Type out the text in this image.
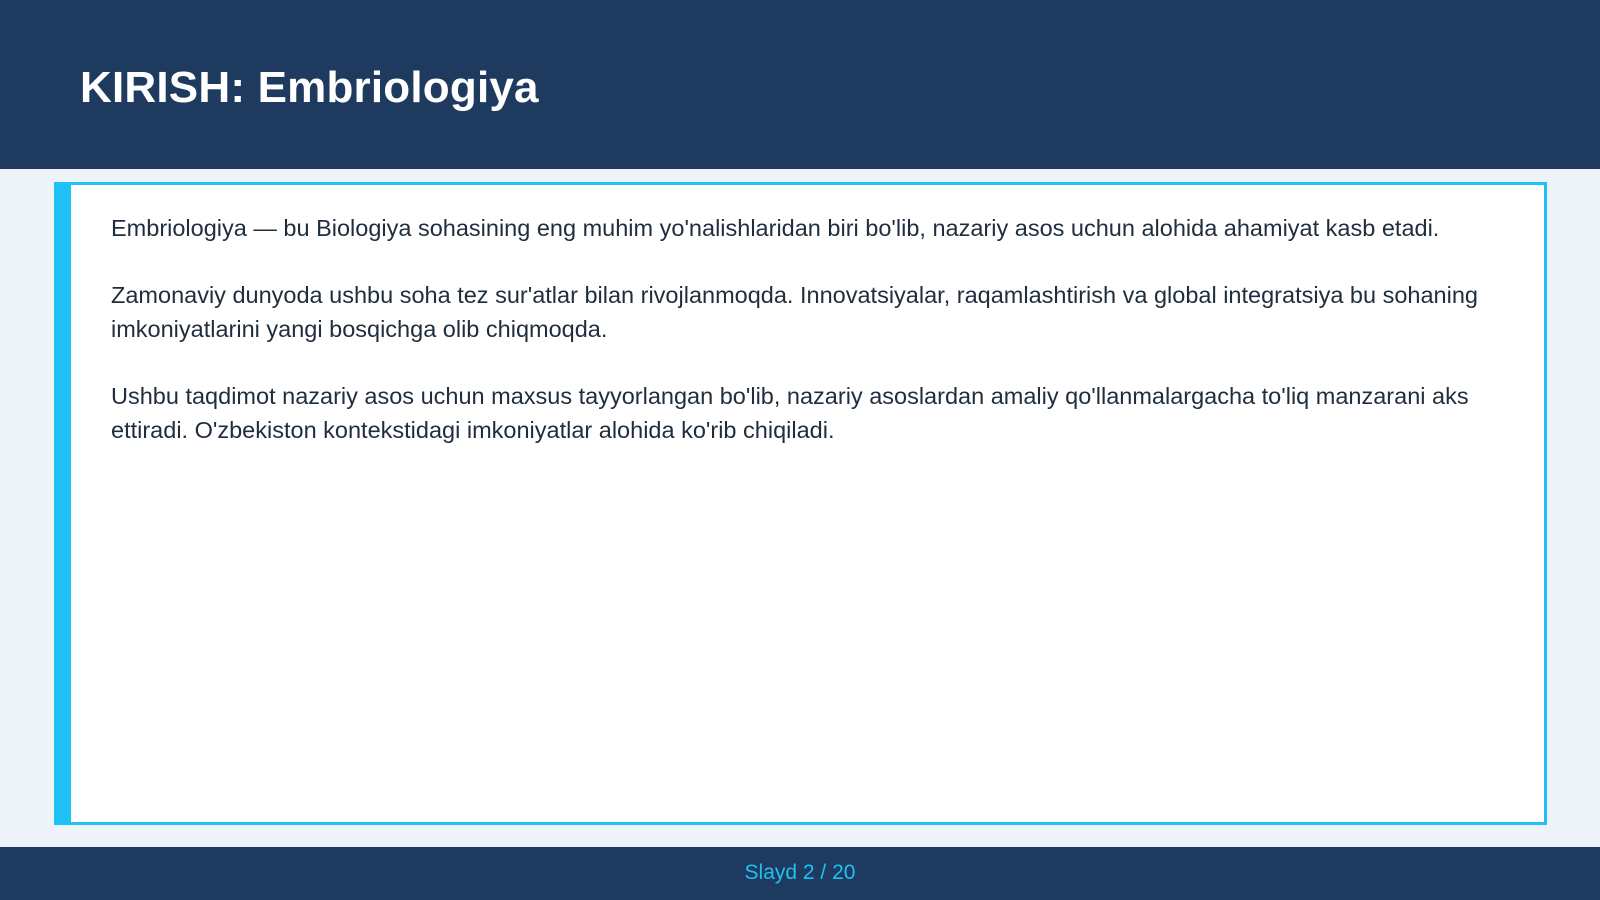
KIRISH: Embriologiya

Embriologiya — bu Biologiya sohasining eng muhim yo'nalishlaridan biri bo'lib, nazariy asos uchun alohida ahamiyat kasb etadi.

Zamonaviy dunyoda ushbu soha tez sur'atlar bilan rivojlanmoqda. Innovatsiyalar, raqamlashtirish va global integratsiya bu sohaning imkoniyatlarini yangi bosqichga olib chiqmoqda.

Ushbu taqdimot nazariy asos uchun maxsus tayyorlangan bo'lib, nazariy asoslardan amaliy qo'llanmalargacha to'liq manzarani aks ettiradi. O'zbekiston kontekstidagi imkoniyatlar alohida ko'rib chiqiladi.

Slayd 2 / 20
